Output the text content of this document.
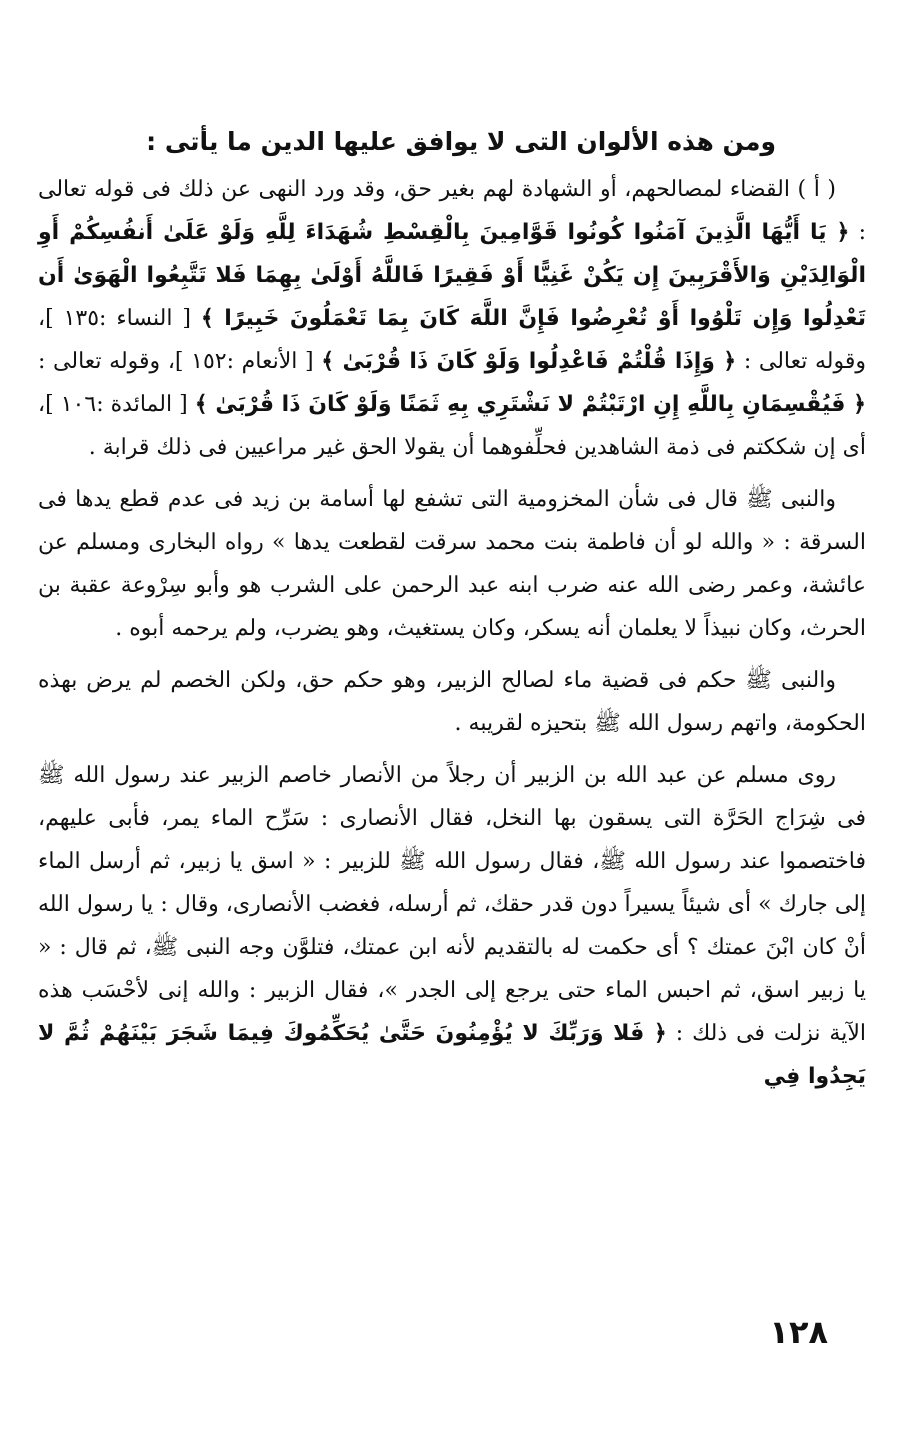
ومن هذه الألوان التى لا يوافق عليها الدين ما يأتى :

( أ ) القضاء لمصالحهم، أو الشهادة لهم بغير حق، وقد ورد النهى عن ذلك فى قوله تعالى : ﴿ يَا أَيُّهَا الَّذِينَ آمَنُوا كُونُوا قَوَّامِينَ بِالْقِسْطِ شُهَدَاءَ لِلَّهِ وَلَوْ عَلَىٰ أَنفُسِكُمْ أَوِ الْوَالِدَيْنِ وَالأَقْرَبِينَ إِن يَكُنْ غَنِيًّا أَوْ فَقِيرًا فَاللَّهُ أَوْلَىٰ بِهِمَا فَلا تَتَّبِعُوا الْهَوَىٰ أَن تَعْدِلُوا وَإِن تَلْوُوا أَوْ تُعْرِضُوا فَإِنَّ اللَّهَ كَانَ بِمَا تَعْمَلُونَ خَبِيرًا ﴾ [ النساء :١٣٥ ]، وقوله تعالى : ﴿ وَإِذَا قُلْتُمْ فَاعْدِلُوا وَلَوْ كَانَ ذَا قُرْبَىٰ ﴾ [ الأنعام :١٥٢ ]، وقوله تعالى : ﴿ فَيُقْسِمَانِ بِاللَّهِ إِنِ ارْتَبْتُمْ لا نَشْتَرِي بِهِ ثَمَنًا وَلَوْ كَانَ ذَا قُرْبَىٰ ﴾ [ المائدة :١٠٦ ]، أى إن شككتم فى ذمة الشاهدين فحلِّفوهما أن يقولا الحق غير مراعيين فى ذلك قرابة .

والنبى ﷺ قال فى شأن المخزومية التى تشفع لها أسامة بن زيد فى عدم قطع يدها فى السرقة : « والله لو أن فاطمة بنت محمد سرقت لقطعت يدها » رواه البخارى ومسلم عن عائشة، وعمر رضى الله عنه ضرب ابنه عبد الرحمن على الشرب هو وأبو سِرْوعة عقبة بن الحرث، وكان نبيذاً لا يعلمان أنه يسكر، وكان يستغيث، وهو يضرب، ولم يرحمه أبوه .

والنبى ﷺ حكم فى قضية ماء لصالح الزبير، وهو حكم حق، ولكن الخصم لم يرض بهذه الحكومة، واتهم رسول الله ﷺ بتحيزه لقريبه .

روى مسلم عن عبد الله بن الزبير أن رجلاً من الأنصار خاصم الزبير عند رسول الله ﷺ فى شِرَاج الحَرَّة التى يسقون بها النخل، فقال الأنصارى : سَرِّح الماء يمر، فأبى عليهم، فاختصموا عند رسول الله ﷺ، فقال رسول الله ﷺ للزبير : « اسق يا زبير، ثم أرسل الماء إلى جارك » أى شيئاً يسيراً دون قدر حقك، ثم أرسله، فغضب الأنصارى، وقال : يا رسول الله أنْ كان ابْنَ عمتك ؟ أى حكمت له بالتقديم لأنه ابن عمتك، فتلوَّن وجه النبى ﷺ، ثم قال : « يا زبير اسق، ثم احبس الماء حتى يرجع إلى الجدر »، فقال الزبير : والله إنى لأحْسَب هذه الآية نزلت فى ذلك : ﴿ فَلا وَرَبِّكَ لا يُؤْمِنُونَ حَتَّىٰ يُحَكِّمُوكَ فِيمَا شَجَرَ بَيْنَهُمْ ثُمَّ لا يَجِدُوا فِي

١٢٨
